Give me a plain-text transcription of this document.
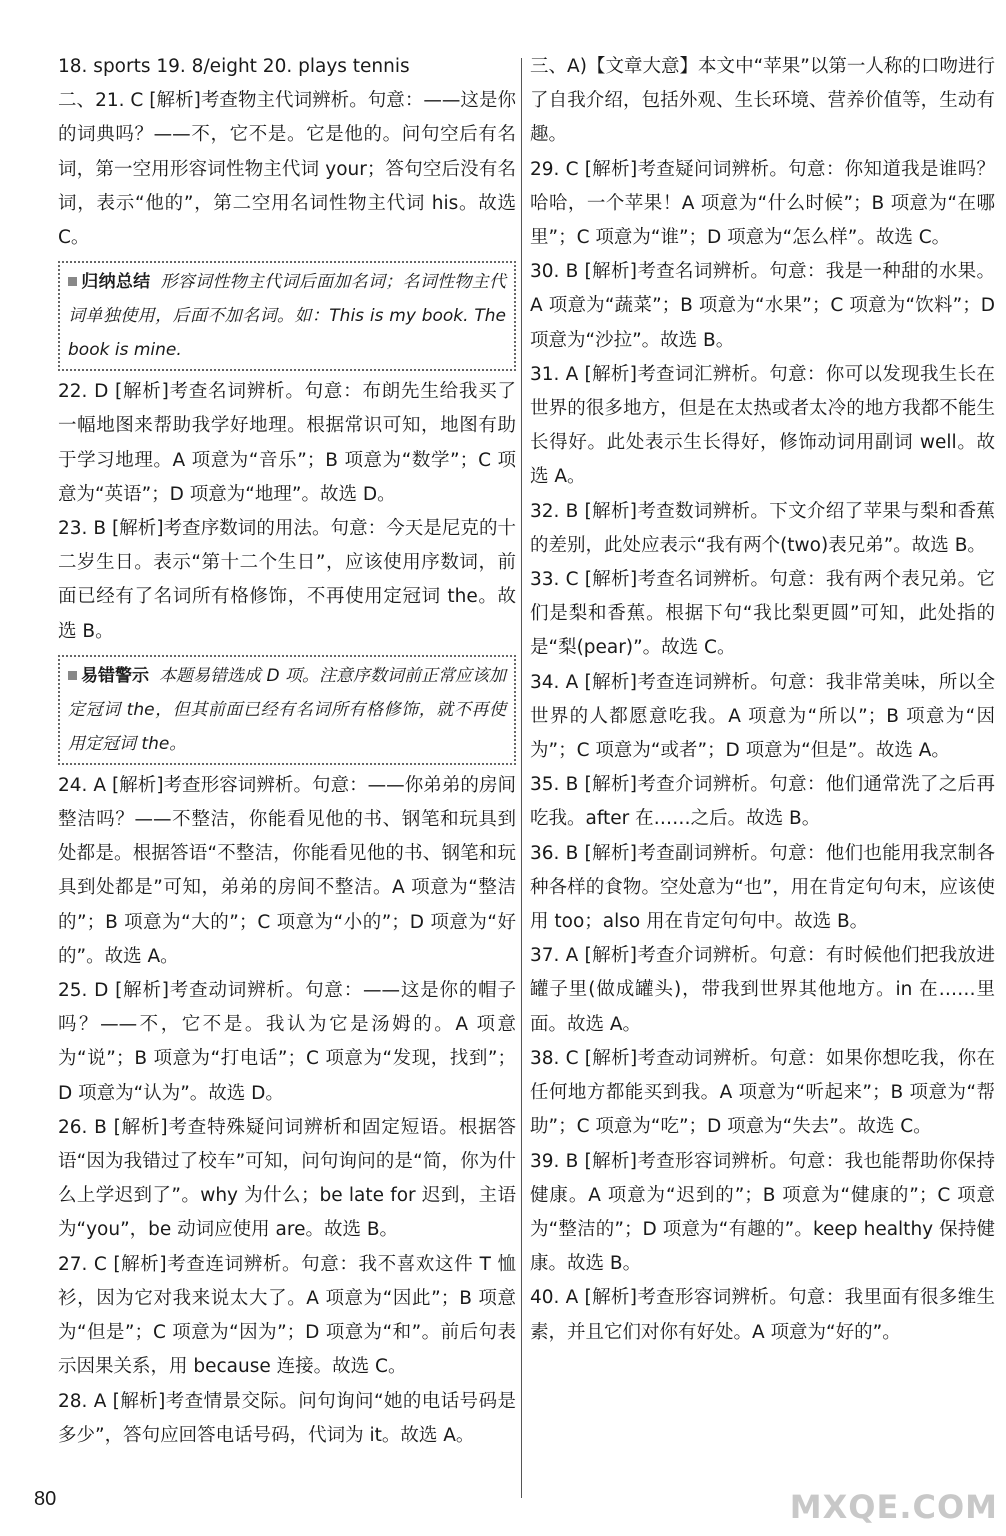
18. sports 19. 8/eight 20. plays tennis

二、21. C [解析]考查物主代词辨析。句意：——这是你的词典吗？——不，它不是。它是他的。问句空后有名词，第一空用形容词性物主代词 your；答句空后没有名词，表示“他的”，第二空用名词性物主代词 his。故选 C。

归纳总结 形容词性物主代词后面加名词；名词性物主代词单独使用，后面不加名词。如：This is my book. The book is mine.

22. D [解析]考查名词辨析。句意：布朗先生给我买了一幅地图来帮助我学好地理。根据常识可知，地图有助于学习地理。A 项意为“音乐”；B 项意为“数学”；C 项意为“英语”；D 项意为“地理”。故选 D。

23. B [解析]考查序数词的用法。句意：今天是尼克的十二岁生日。表示“第十二个生日”，应该使用序数词，前面已经有了名词所有格修饰，不再使用定冠词 the。故选 B。

易错警示 本题易错选成 D 项。注意序数词前正常应该加定冠词 the，但其前面已经有名词所有格修饰，就不再使用定冠词 the。

24. A [解析]考查形容词辨析。句意：——你弟弟的房间整洁吗？——不整洁，你能看见他的书、钢笔和玩具到处都是。根据答语“不整洁，你能看见他的书、钢笔和玩具到处都是”可知，弟弟的房间不整洁。A 项意为“整洁的”；B 项意为“大的”；C 项意为“小的”；D 项意为“好的”。故选 A。

25. D [解析]考查动词辨析。句意：——这是你的帽子吗？——不，它不是。我认为它是汤姆的。A 项意为“说”；B 项意为“打电话”；C 项意为“发现，找到”；D 项意为“认为”。故选 D。

26. B [解析]考查特殊疑问词辨析和固定短语。根据答语“因为我错过了校车”可知，问句询问的是“简，你为什么上学迟到了”。why 为什么；be late for 迟到，主语为“you”，be 动词应使用 are。故选 B。

27. C [解析]考查连词辨析。句意：我不喜欢这件 T 恤衫，因为它对我来说太大了。A 项意为“因此”；B 项意为“但是”；C 项意为“因为”；D 项意为“和”。前后句表示因果关系，用 because 连接。故选 C。

28. A [解析]考查情景交际。问句询问“她的电话号码是多少”，答句应回答电话号码，代词为 it。故选 A。

三、A)【文章大意】本文中“苹果”以第一人称的口吻进行了自我介绍，包括外观、生长环境、营养价值等，生动有趣。

29. C [解析]考查疑问词辨析。句意：你知道我是谁吗？哈哈，一个苹果！A 项意为“什么时候”；B 项意为“在哪里”；C 项意为“谁”；D 项意为“怎么样”。故选 C。

30. B [解析]考查名词辨析。句意：我是一种甜的水果。A 项意为“蔬菜”；B 项意为“水果”；C 项意为“饮料”；D 项意为“沙拉”。故选 B。

31. A [解析]考查词汇辨析。句意：你可以发现我生长在世界的很多地方，但是在太热或者太冷的地方我都不能生长得好。此处表示生长得好，修饰动词用副词 well。故选 A。

32. B [解析]考查数词辨析。下文介绍了苹果与梨和香蕉的差别，此处应表示“我有两个(two)表兄弟”。故选 B。

33. C [解析]考查名词辨析。句意：我有两个表兄弟。它们是梨和香蕉。根据下句“我比梨更圆”可知，此处指的是“梨(pear)”。故选 C。

34. A [解析]考查连词辨析。句意：我非常美味，所以全世界的人都愿意吃我。A 项意为“所以”；B 项意为“因为”；C 项意为“或者”；D 项意为“但是”。故选 A。

35. B [解析]考查介词辨析。句意：他们通常洗了之后再吃我。after 在……之后。故选 B。

36. B [解析]考查副词辨析。句意：他们也能用我烹制各种各样的食物。空处意为“也”，用在肯定句句末，应该使用 too；also 用在肯定句句中。故选 B。

37. A [解析]考查介词辨析。句意：有时候他们把我放进罐子里(做成罐头)，带我到世界其他地方。in 在……里面。故选 A。

38. C [解析]考查动词辨析。句意：如果你想吃我，你在任何地方都能买到我。A 项意为“听起来”；B 项意为“帮助”；C 项意为“吃”；D 项意为“失去”。故选 C。

39. B [解析]考查形容词辨析。句意：我也能帮助你保持健康。A 项意为“迟到的”；B 项意为“健康的”；C 项意为“整洁的”；D 项意为“有趣的”。keep healthy 保持健康。故选 B。

40. A [解析]考查形容词辨析。句意：我里面有很多维生素，并且它们对你有好处。A 项意为“好的”。

80	MXQE.COM
